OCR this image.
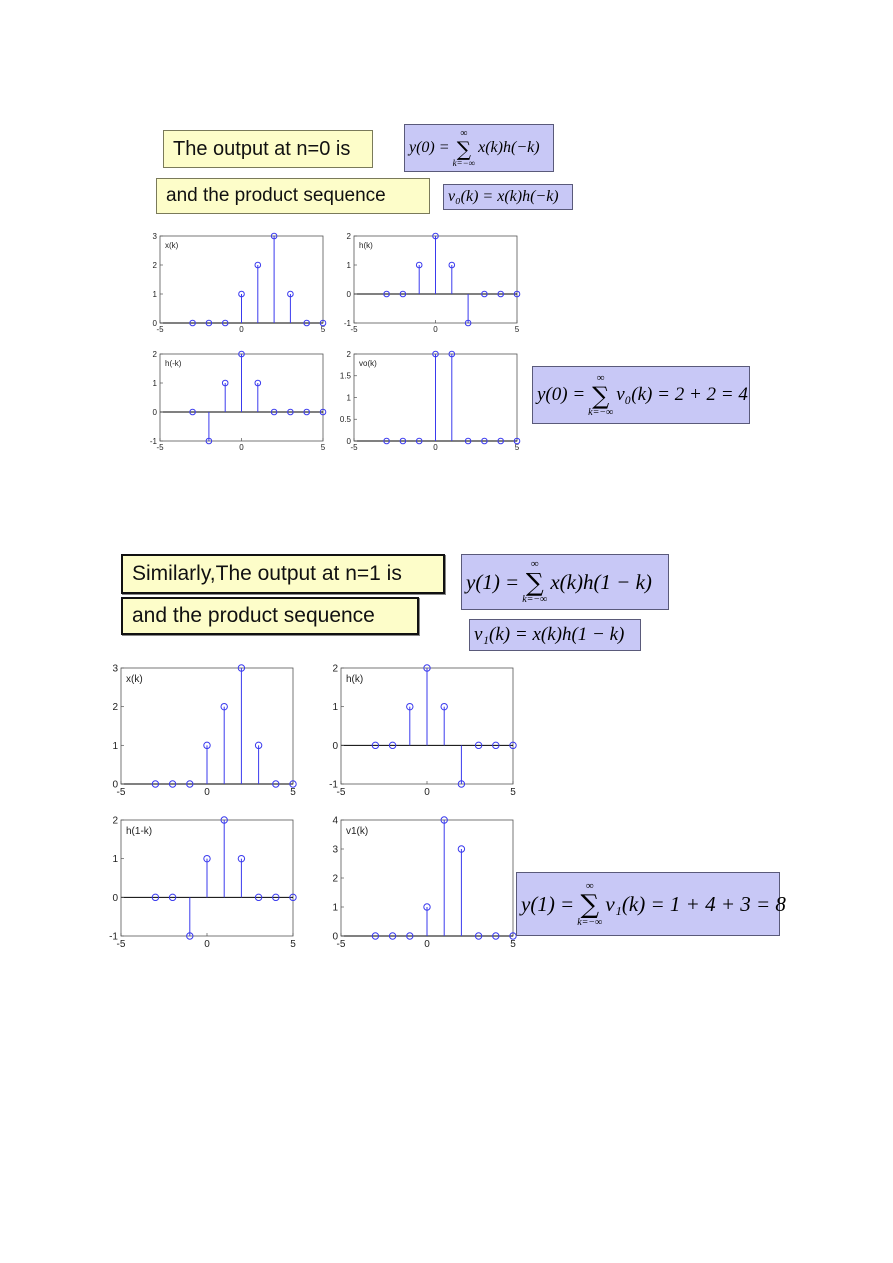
The output at n=0 is
and the product sequence
y(0) =
∞
∑
k=−∞
x(k)h(−k)
v₀(k) = x(k)h(−k)
0
1
2
3
-5	0	5
x(k)
-1
0
1
2
-5	0	5
h(k)
-1
0
1
2
-5	0	5
h(-k)
0
0.5
1
1.5
2
-5	0	5
vo(k)
y(0) =
∞
∑
k=−∞
v₀(k) = 2 + 2 = 4
Similarly,The output at n=1 is
and the product sequence
y(1) =
∞
∑
k=−∞
x(k)h(1 − k)
v₁(k) = x(k)h(1 − k)
0
1
2
3
-5	0	5
x(k)
-1
0
1
2
-5	0	5
h(k)
-1
0
1
2
-5	0	5
h(1-k)
0
1
2
3
4
-5	0	5
v1(k)
y(1) =
∞
∑
k=−∞
v₁(k) = 1 + 4 + 3 = 8
